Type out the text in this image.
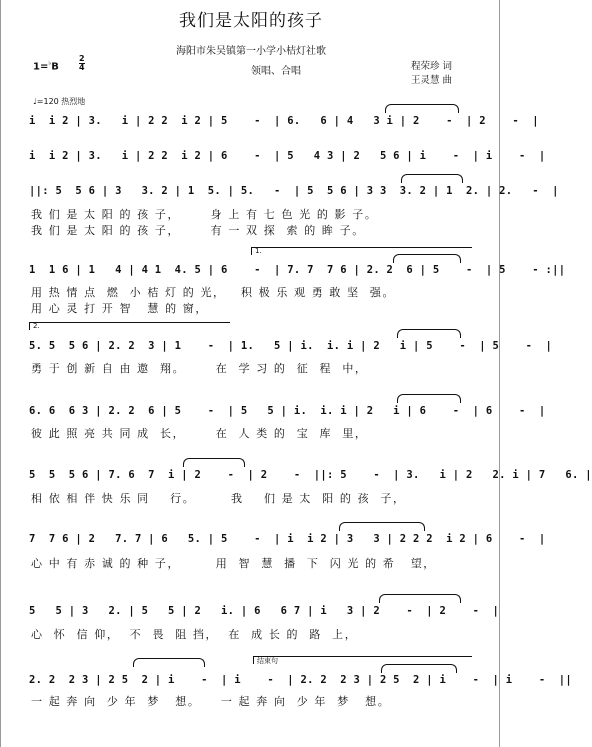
我们是太阳的孩子
海阳市朱吴镇第一小学小桔灯社歌
1=♭B
2
4	领唱、合唱	程荣珍 词
王灵慧 曲
♩=120 热烈地
i  i 2 | 3.   i | 2 2  i 2 | 5    -  | 6.   6 | 4   3 i | 2    -  | 2    -  |
i  i 2 | 3.   i | 2 2  i 2 | 6    -  | 5   4 3 | 2   5 6 | i    -  | i    -  |
||: 5  5 6 | 3   3. 2 | 1  5. | 5.   -  | 5  5 6 | 3 3  3. 2 | 1  2. | 2.   -  |
我 们 是 太 阳 的 孩 子，      身 上 有 七 色 光 的 影 子。
我 们 是 太 阳 的 孩 子，      有 一 双 探  索 的 眸 子。
1.
1  1 6 | 1   4 | 4 1  4. 5 | 6    -  | 7. 7  7 6 | 2. 2  6 | 5    -  | 5    - :||
用 热 情 点  燃  小 桔 灯 的 光，   积 极 乐 观 勇 敢 坚  强。
用 心 灵 打 开 智   慧 的 窗，
2.
5. 5  5 6 | 2. 2  3 | 1    -  | 1.   5 | i.  i. i | 2   i | 5    -  | 5    -  |
勇 于 创 新 自 由 遨  翔。      在  学 习 的  征  程  中，
6. 6  6 3 | 2. 2  6 | 5    -  | 5   5 | i.  i. i | 2   i | 6    -  | 6    -  |
彼 此 照 亮 共 同 成  长，      在  人 类 的  宝  库  里，
5  5  5 6 | 7. 6  7  i | 2    -  | 2    -  ||: 5    -  | 3.   i | 2   2. i | 7   6. |
相 依 相 伴 快 乐 同    行。       我    们 是 太  阳 的 孩  子，
7  7 6 | 2   7. 7 | 6   5. | 5    -  | i  i 2 | 3   3 | 2 2 2  i 2 | 6    -  |
心 中 有 赤 诚 的 种 子，       用  智  慧  播  下  闪 光 的 希   望，
5   5 | 3   2. | 5   5 | 2   i. | 6   6 7 | i   3 | 2    -  | 2    -  |
心  怀  信 仰，  不  畏  阻 挡，  在  成 长 的  路  上，
结束句
2. 2  2 3 | 2 5  2 | i    -  | i    -  | 2. 2  2 3 | 2 5  2 | i    -  | i    -  ||
一 起 奔 向  少 年  梦   想。    一 起 奔 向  少 年  梦   想。
